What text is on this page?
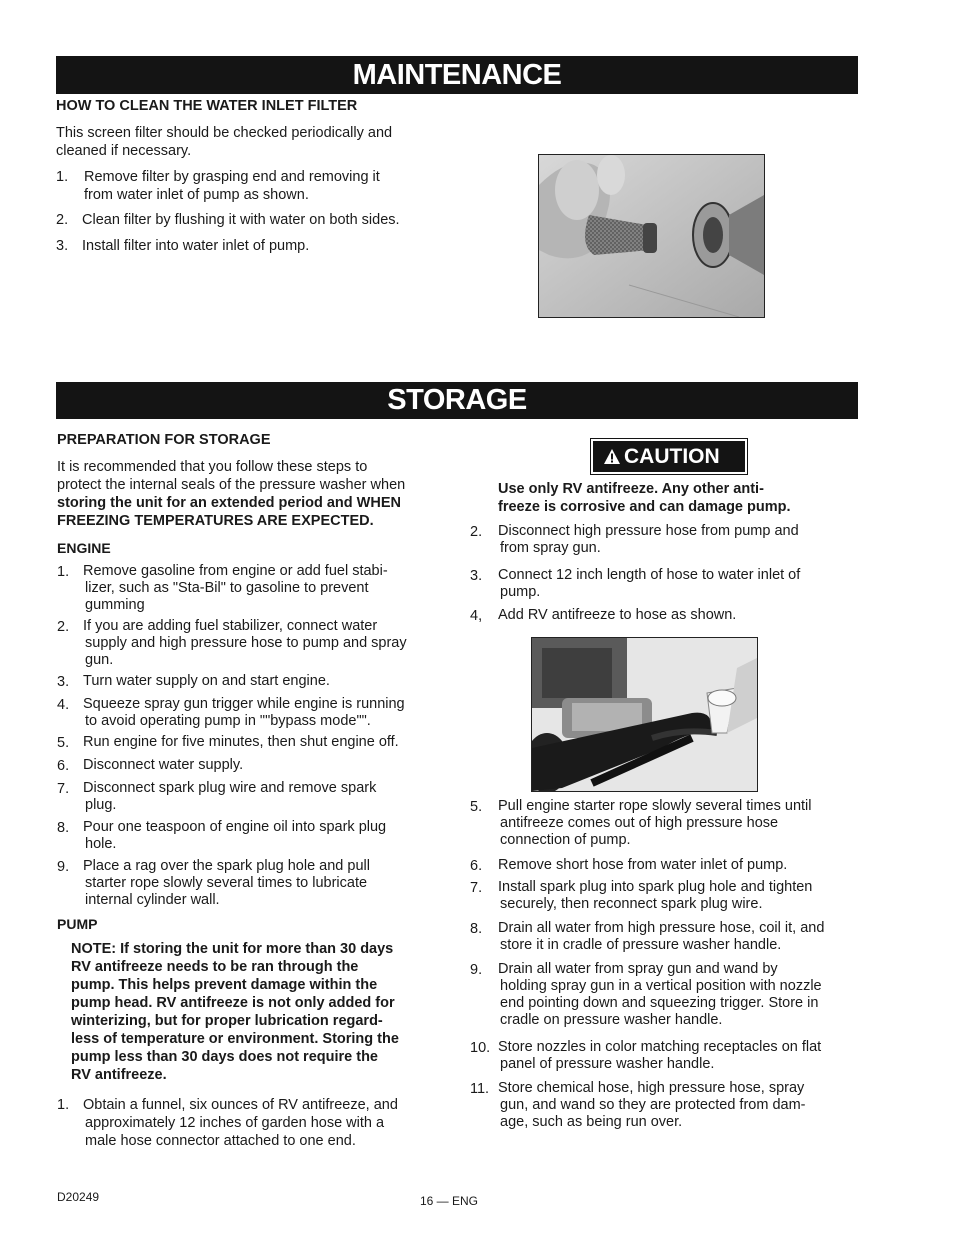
MAINTENANCE
HOW TO CLEAN THE WATER INLET FILTER
This screen filter should be checked periodically and
cleaned if necessary.
1. Remove filter by grasping end and removing it
from water inlet of pump as shown.
2. Clean filter by flushing it with water on both sides.
3. Install filter into water inlet of pump.
STORAGE
PREPARATION FOR STORAGE
It is recommended that you follow these steps to
protect the internal seals of the pressure washer when
storing the unit for an extended period and WHEN
FREEZING TEMPERATURES ARE EXPECTED.
ENGINE
1. Remove gasoline from engine or add fuel stabi-
lizer, such as "Sta-Bil" to gasoline to prevent
gumming
2. If you are adding fuel stabilizer, connect water
supply and high pressure hose to pump and spray
gun.
3. Turn water supply on and start engine.
4. Squeeze spray gun trigger while engine is running
to avoid operating pump in ""bypass mode"".
5. Run engine for five minutes, then shut engine off.
6. Disconnect water supply.
7. Disconnect spark plug wire and remove spark
plug.
8. Pour one teaspoon of engine oil into spark plug
hole.
9. Place a rag over the spark plug hole and pull
starter rope slowly several times to lubricate
internal cylinder wall.
PUMP
NOTE: If storing the unit for more than 30 days
RV antifreeze needs to be ran through the
pump. This helps prevent damage within the
pump head. RV antifreeze is not only added for
winterizing, but for proper lubrication regard-
less of temperature or environment. Storing the
pump less than 30 days does not require the
RV antifreeze.
1. Obtain a funnel, six ounces of RV antifreeze, and
approximately 12 inches of garden hose with a
male hose connector attached to one end.
CAUTION
Use only RV antifreeze. Any other anti-
freeze is corrosive and can damage pump.
2. Disconnect high pressure hose from pump and
from spray gun.
3. Connect 12 inch length of hose to water inlet of
pump.
4, Add RV antifreeze to hose as shown.
5. Pull engine starter rope slowly several times until
antifreeze comes out of high pressure hose
connection of pump.
6. Remove short hose from water inlet of pump.
7. Install spark plug into spark plug hole and tighten
securely, then reconnect spark plug wire.
8. Drain all water from high pressure hose, coil it, and
store it in cradle of pressure washer handle.
9. Drain all water from spray gun and wand by
holding spray gun in a vertical position with nozzle
end pointing down and squeezing trigger. Store in
cradle on pressure washer handle.
10. Store nozzles in color matching receptacles on flat
panel of pressure washer handle.
11. Store chemical hose, high pressure hose, spray
gun, and wand so they are protected from dam-
age, such as being run over.
D20249	16 — ENG
